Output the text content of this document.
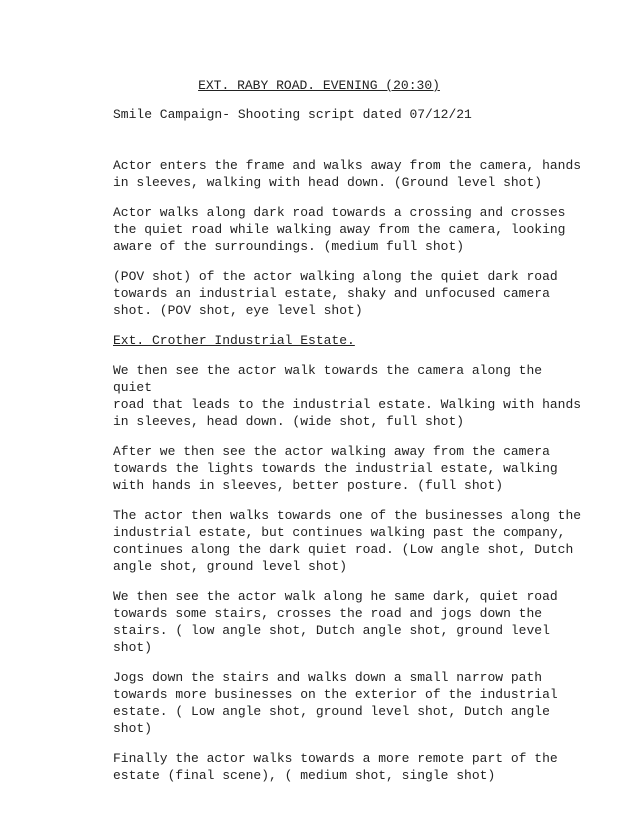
EXT. RABY ROAD. EVENING (20:30)
Smile Campaign- Shooting script dated 07/12/21

Actor enters the frame and walks away from the camera, hands
in sleeves, walking with head down. (Ground level shot)

Actor walks along dark road towards a crossing and crosses
the quiet road while walking away from the camera, looking
aware of the surroundings. (medium full shot)

(POV shot) of the actor walking along the quiet dark road
towards an industrial estate, shaky and unfocused camera
shot. (POV shot, eye level shot)

Ext. Crother Industrial Estate.

We then see the actor walk towards the camera along the quiet
road that leads to the industrial estate. Walking with hands
in sleeves, head down. (wide shot, full shot)

After we then see the actor walking away from the camera
towards the lights towards the industrial estate, walking
with hands in sleeves, better posture. (full shot)

The actor then walks towards one of the businesses along the
industrial estate, but continues walking past the company,
continues along the dark quiet road. (Low angle shot, Dutch
angle shot, ground level shot)

We then see the actor walk along he same dark, quiet road
towards some stairs, crosses the road and jogs down the
stairs. ( low angle shot, Dutch angle shot, ground level
shot)

Jogs down the stairs and walks down a small narrow path
towards more businesses on the exterior of the industrial
estate. ( Low angle shot, ground level shot, Dutch angle
shot)

Finally the actor walks towards a more remote part of the
estate (final scene), ( medium shot, single shot)
